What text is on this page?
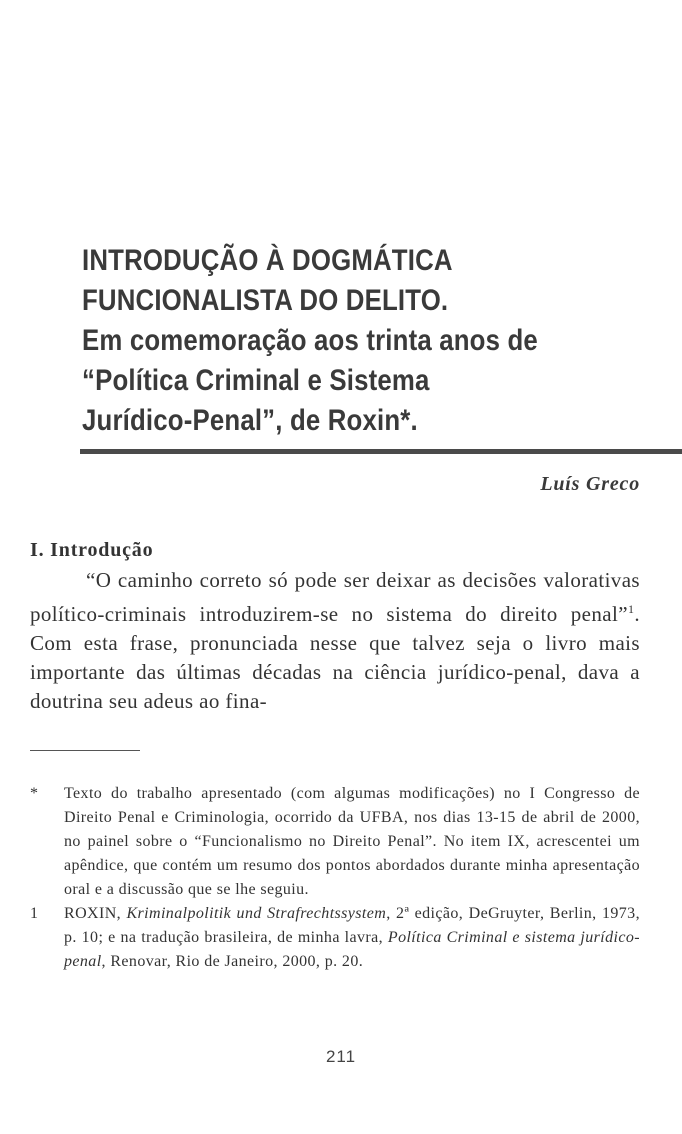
INTRODUÇÃO À DOGMÁTICA
FUNCIONALISTA DO DELITO.
Em comemoração aos trinta anos de
“Política Criminal e Sistema
Jurídico-Penal”, de Roxin*.
Luís Greco
I. Introdução

“O caminho correto só pode ser deixar as decisões valorativas político-criminais introduzirem-se no sistema do direito penal”$^1$. Com esta frase, pronunciada nesse que talvez seja o livro mais importante das últimas décadas na ciência jurídico-penal, dava a doutrina seu adeus ao fina-

* Texto do trabalho apresentado (com algumas modificações) no I Congresso de Direito Penal e Criminologia, ocorrido da UFBA, nos dias 13-15 de abril de 2000, no painel sobre o “Funcionalismo no Direito Penal”. No item IX, acrescentei um apêndice, que contém um resumo dos pontos abordados durante minha apresentação oral e a discussão que se lhe seguiu.
1 ROXIN, Kriminalpolitik und Strafrechtssystem, 2ª edição, DeGruyter, Berlin, 1973, p. 10; e na tradução brasileira, de minha lavra, Política Criminal e sistema jurídico-penal, Renovar, Rio de Janeiro, 2000, p. 20.
211
